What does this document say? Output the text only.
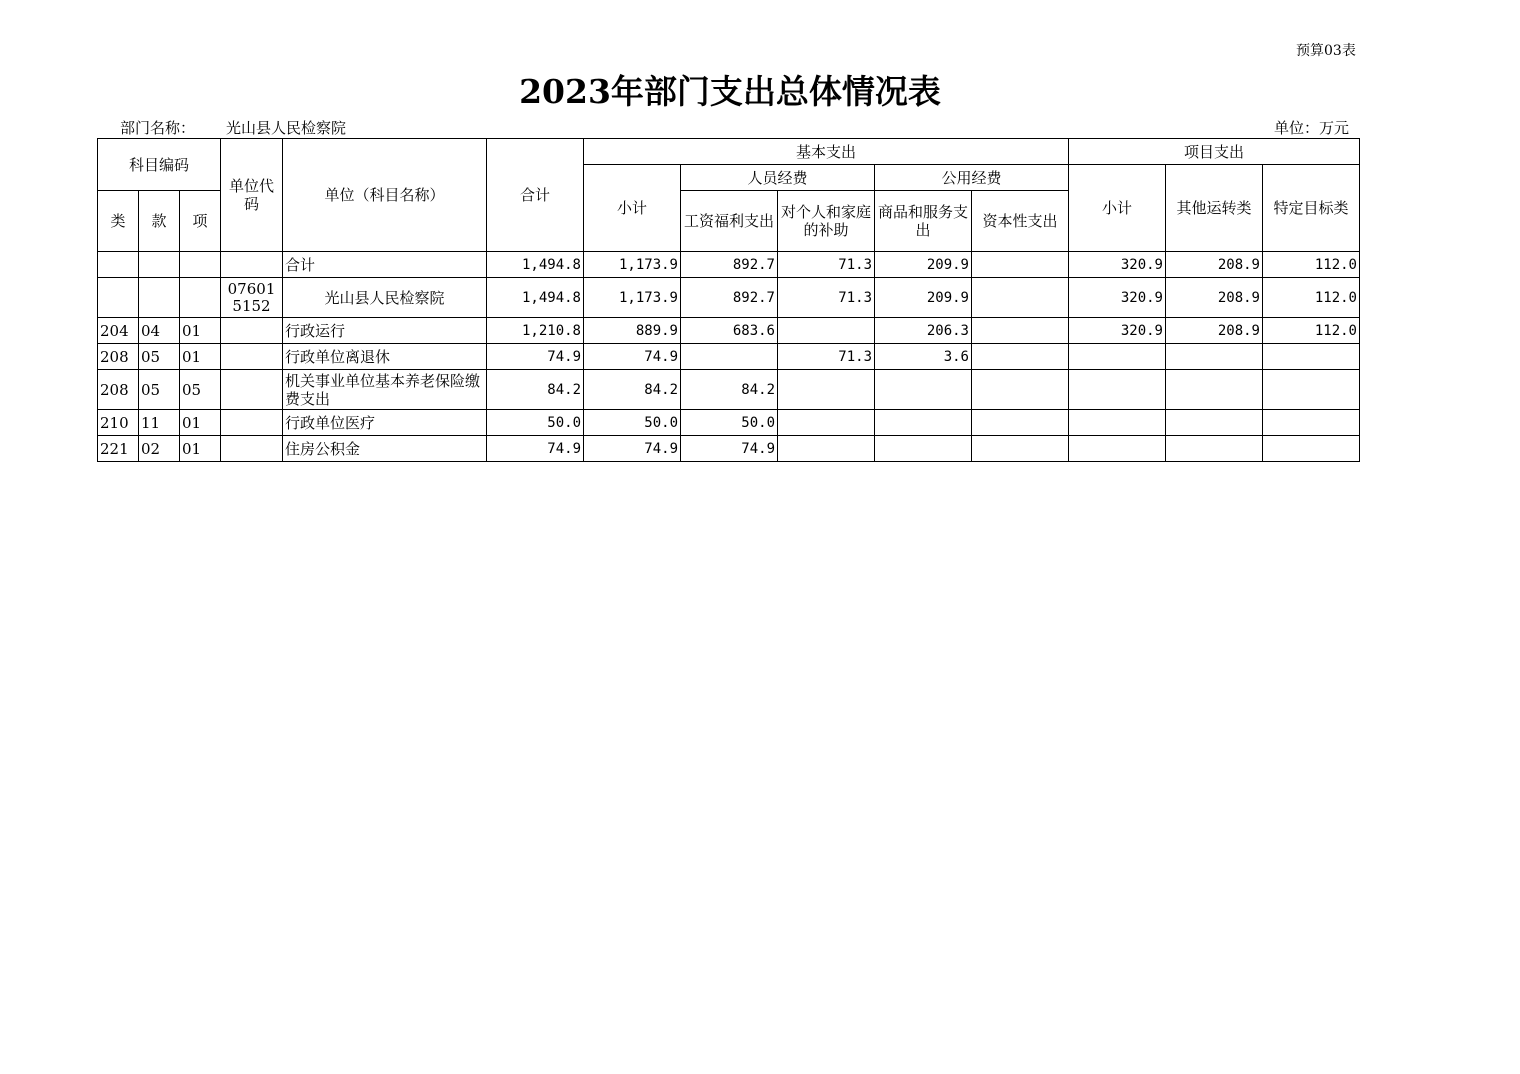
预算03表
2023年部门支出总体情况表
部门名称： 光山县人民检察院	单位：万元
科目编码			单位代码	单位（科目名称）	合计	基本支出					项目支出		
						小计	人员经费		公用经费		小计	其他运转类	特定目标类
类	款	项					工资福利支出	对个人和家庭的补助	商品和服务支出	资本性支出			
				合计	1,494.8	1,173.9	892.7	71.3	209.9		320.9	208.9	112.0
			076015152	光山县人民检察院	1,494.8	1,173.9	892.7	71.3	209.9		320.9	208.9	112.0
204	04	01		行政运行	1,210.8	889.9	683.6		206.3		320.9	208.9	112.0
208	05	01		行政单位离退休	74.9	74.9		71.3	3.6				
208	05	05		机关事业单位基本养老保险缴费支出	84.2	84.2	84.2						
210	11	01		行政单位医疗	50.0	50.0	50.0						
221	02	01		住房公积金	74.9	74.9	74.9						
